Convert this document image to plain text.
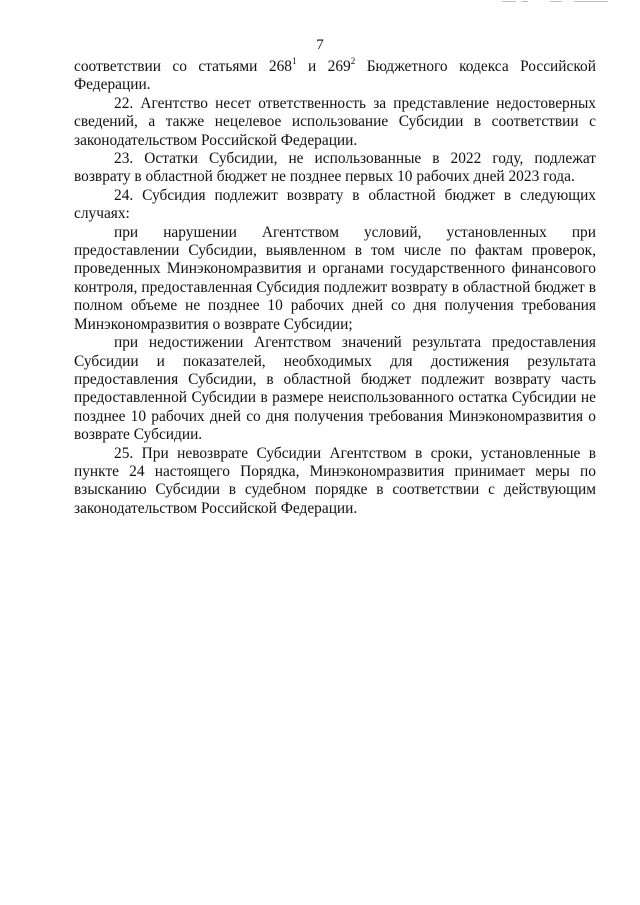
7

соответствии со статьями $268^1$ и $269^2$ Бюджетного кодекса Российской Федерации.

22. Агентство несет ответственность за представление недостоверных сведений, а также нецелевое использование Субсидии в соответствии с законодательством Российской Федерации.

23. Остатки Субсидии, не использованные в 2022 году, подлежат возврату в областной бюджет не позднее первых 10 рабочих дней 2023 года.

24. Субсидия подлежит возврату в областной бюджет в следующих случаях:

при нарушении Агентством условий, установленных при предоставлении Субсидии, выявленном в том числе по фактам проверок, проведенных Минэкономразвития и органами государственного финансового контроля, предоставленная Субсидия подлежит возврату в областной бюджет в полном объеме не позднее 10 рабочих дней со дня получения требования Минэкономразвития о возврате Субсидии;

при недостижении Агентством значений результата предоставления Субсидии и показателей, необходимых для достижения результата предоставления Субсидии, в областной бюджет подлежит возврату часть предоставленной Субсидии в размере неиспользованного остатка Субсидии не позднее 10 рабочих дней со дня получения требования Минэкономразвития о возврате Субсидии.

25. При невозврате Субсидии Агентством в сроки, установленные в пункте 24 настоящего Порядка, Минэкономразвития принимает меры по взысканию Субсидии в судебном порядке в соответствии с действующим законодательством Российской Федерации.
